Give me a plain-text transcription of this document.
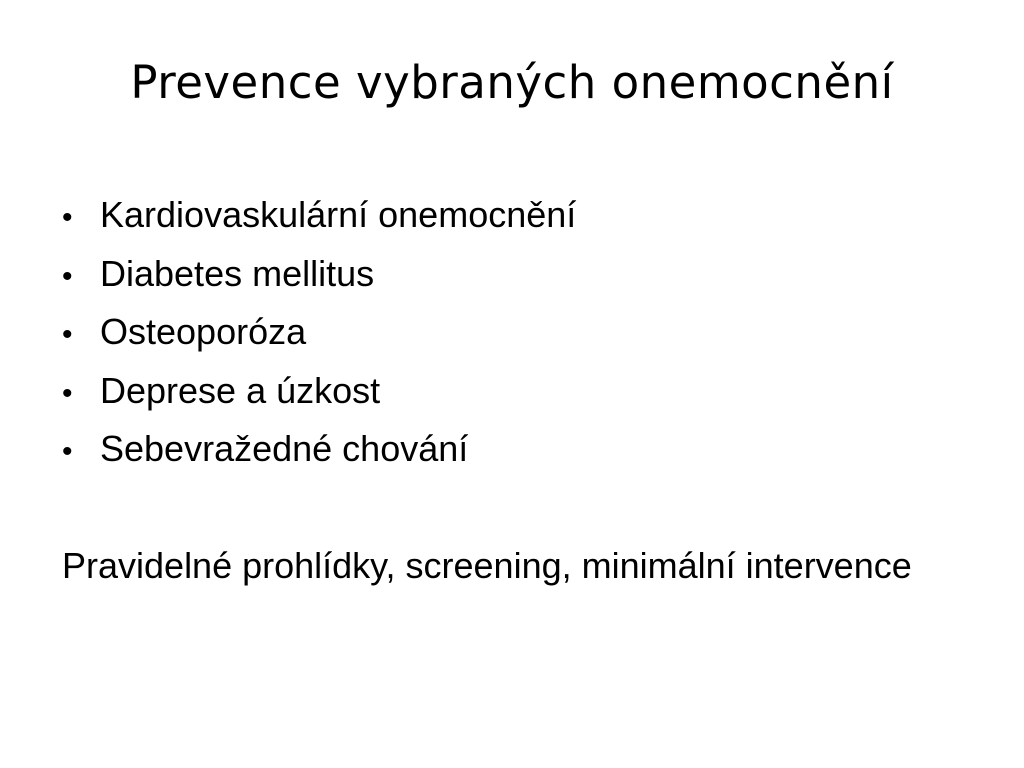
Prevence vybraných onemocnění
• Kardiovaskulární onemocnění
• Diabetes mellitus
• Osteoporóza
• Deprese a úzkost
• Sebevražedné chování

Pravidelné prohlídky, screening, minimální intervence
